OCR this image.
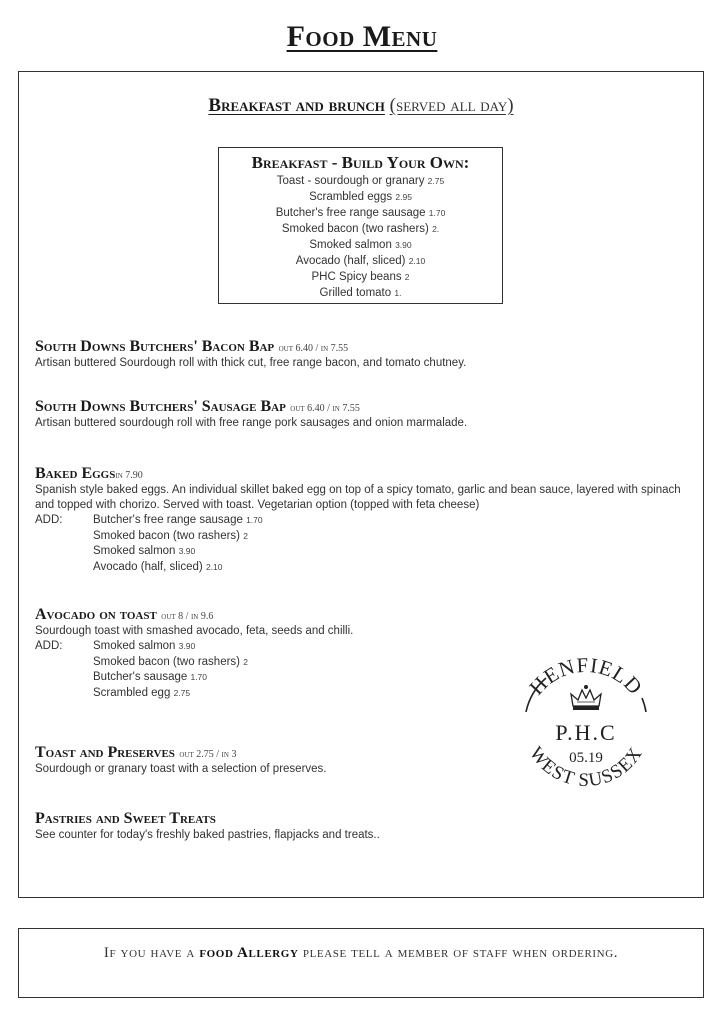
Food Menu
Breakfast and brunch (served all day)
Breakfast - Build Your Own:
Toast - sourdough or granary 2.75
Scrambled eggs 2.95
Butcher's free range sausage 1.70
Smoked bacon (two rashers) 2.
Smoked salmon 3.90
Avocado (half, sliced) 2.10
PHC Spicy beans 2
Grilled tomato 1.
South Downs Butchers' Bacon Bap out 6.40 / in 7.55
Artisan buttered Sourdough roll with thick cut, free range bacon, and tomato chutney.
South Downs Butchers' Sausage Bap out 6.40 / in 7.55
Artisan buttered sourdough roll with free range pork sausages and onion marmalade.
Baked Eggsin 7.90
Spanish style baked eggs. An individual skillet baked egg on top of a spicy tomato, garlic and bean sauce, layered with spinach and topped with chorizo. Served with toast. Vegetarian option (topped with feta cheese)
ADD:	Butcher's free range sausage 1.70
Smoked bacon (two rashers) 2
Smoked salmon 3.90
Avocado (half, sliced) 2.10
Avocado on toast out 8 / in 9.6
Sourdough toast with smashed avocado, feta, seeds and chilli.
ADD:	Smoked salmon 3.90
Smoked bacon (two rashers) 2
Butcher's sausage 1.70
Scrambled egg 2.75
Toast and Preserves out 2.75 / in 3
Sourdough or granary toast with a selection of preserves.
Pastries and Sweet Treats
See counter for today's freshly baked pastries, flapjacks and treats..
HENFIELD
WEST SUSSEX
P.H.C
05.19
If you have a food Allergy please tell a member of staff when ordering.
